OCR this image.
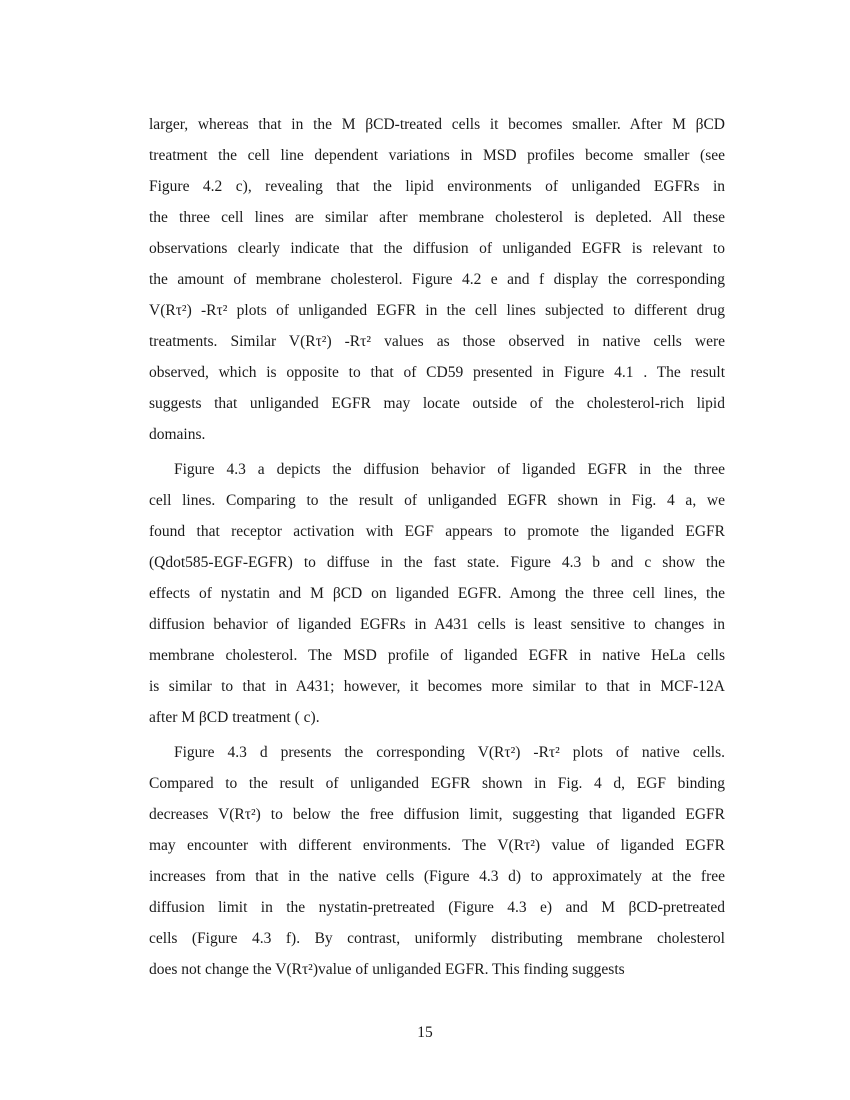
larger, whereas that in the M βCD-treated cells it becomes smaller. After M βCD

treatment the cell line dependent variations in MSD profiles become smaller (see

Figure 4.2 c), revealing that the lipid environments of unliganded EGFRs in

the three cell lines are similar after membrane cholesterol is depleted. All these

observations clearly indicate that the diffusion of unliganded EGFR is relevant to

the amount of membrane cholesterol. Figure 4.2 e and f display the corresponding

V(Rτ²) -Rτ² plots of unliganded EGFR in the cell lines subjected to different drug

treatments. Similar V(Rτ²) -Rτ² values as those observed in native cells were

observed, which is opposite to that of CD59 presented in Figure 4.1 . The result

suggests that unliganded EGFR may locate outside of the cholesterol-rich lipid

domains.

Figure 4.3 a depicts the diffusion behavior of liganded EGFR in the three

cell lines. Comparing to the result of unliganded EGFR shown in Fig. 4 a, we

found that receptor activation with EGF appears to promote the liganded EGFR

(Qdot585-EGF-EGFR) to diffuse in the fast state. Figure 4.3 b and c show the

effects of nystatin and M βCD on liganded EGFR. Among the three cell lines, the

diffusion behavior of liganded EGFRs in A431 cells is least sensitive to changes in

membrane cholesterol. The MSD profile of liganded EGFR in native HeLa cells

is similar to that in A431; however, it becomes more similar to that in MCF-12A

after M βCD treatment ( c).

Figure 4.3 d presents the corresponding V(Rτ²) -Rτ² plots of native cells.

Compared to the result of unliganded EGFR shown in Fig. 4 d, EGF binding

decreases V(Rτ²) to below the free diffusion limit, suggesting that liganded EGFR

may encounter with different environments. The V(Rτ²) value of liganded EGFR

increases from that in the native cells (Figure 4.3 d) to approximately at the free

diffusion limit in the nystatin-pretreated (Figure 4.3 e) and M βCD-pretreated

cells (Figure 4.3 f). By contrast, uniformly distributing membrane cholesterol

does not change the V(Rτ²)value of unliganded EGFR. This finding suggests

15
